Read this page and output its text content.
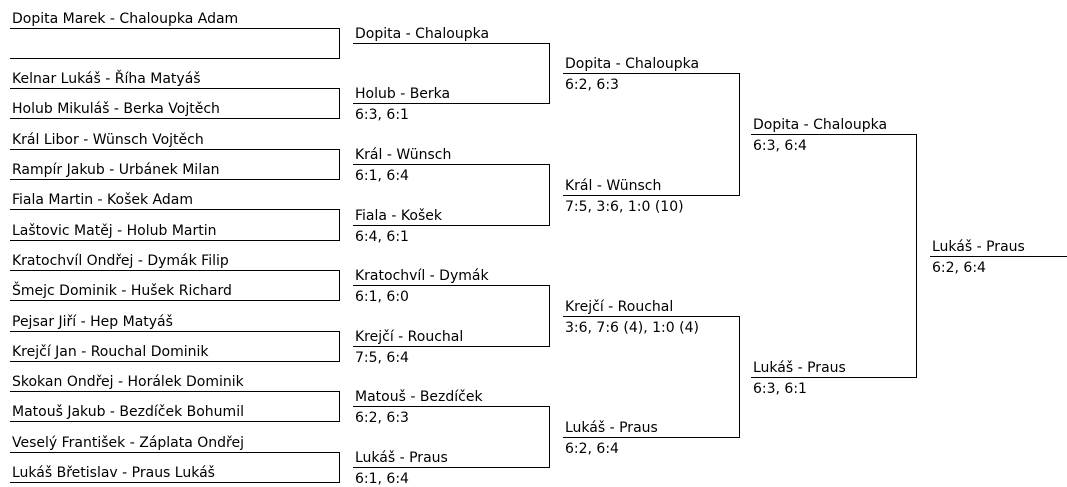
Dopita Marek - Chaloupka Adam
Kelnar Lukáš - Říha Matyáš
Holub Mikuláš - Berka Vojtěch
Král Libor - Wünsch Vojtěch
Rampír Jakub - Urbánek Milan
Fiala Martin - Košek Adam
Laštovic Matěj - Holub Martin
Kratochvíl Ondřej - Dymák Filip
Šmejc Dominik - Hušek Richard
Pejsar Jiří - Hep Matyáš
Krejčí Jan - Rouchal Dominik
Skokan Ondřej - Horálek Dominik
Matouš Jakub - Bezdíček Bohumil
Veselý František - Záplata Ondřej
Lukáš Břetislav - Praus Lukáš
Dopita - Chaloupka
Holub - Berka
6:3, 6:1
Král - Wünsch
6:1, 6:4
Fiala - Košek
6:4, 6:1
Kratochvíl - Dymák
6:1, 6:0
Krejčí - Rouchal
7:5, 6:4
Matouš - Bezdíček
6:2, 6:3
Lukáš - Praus
6:1, 6:4
Dopita - Chaloupka
6:2, 6:3
Král - Wünsch
7:5, 3:6, 1:0 (10)
Krejčí - Rouchal
3:6, 7:6 (4), 1:0 (4)
Lukáš - Praus
6:2, 6:4
Dopita - Chaloupka
6:3, 6:4
Lukáš - Praus
6:3, 6:1
Lukáš - Praus
6:2, 6:4
